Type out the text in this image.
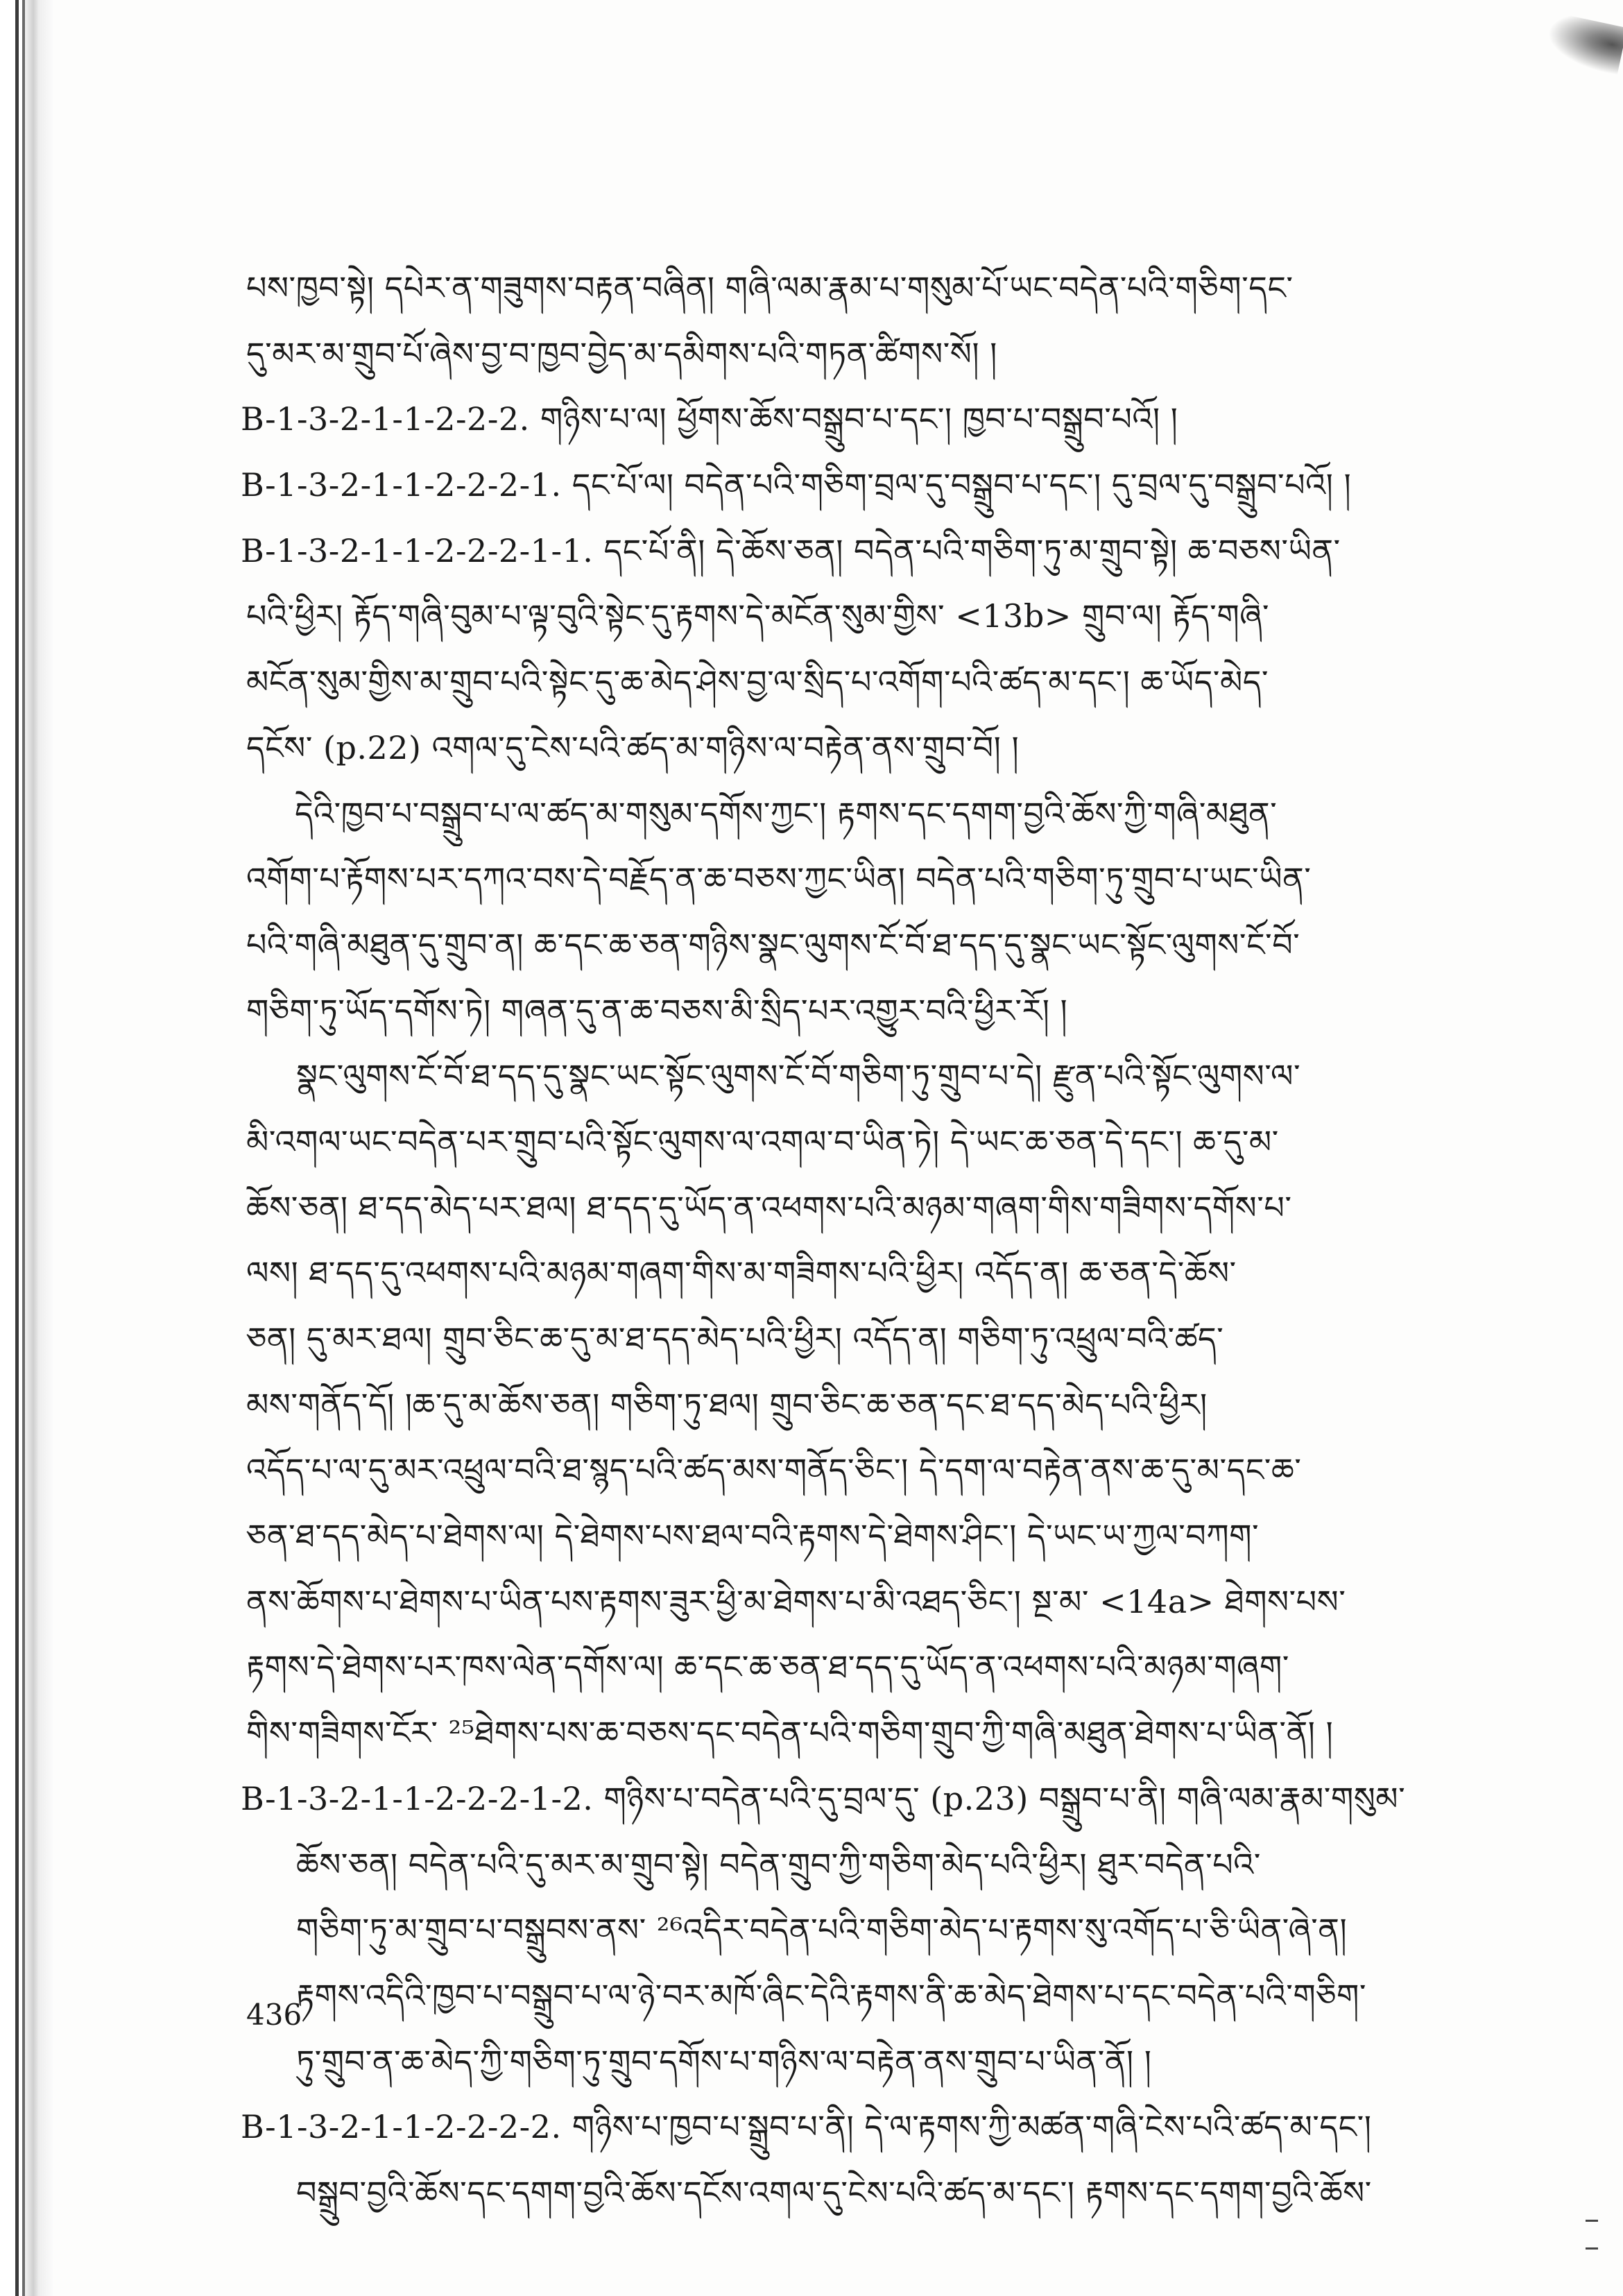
པས་ཁྱབ་སྟེ། དཔེར་ན་གཟུགས་བརྟན་བཞིན། གཞི་ལམ་རྣམ་པ་གསུམ་པོ་ཡང་བདེན་པའི་གཅིག་དང་
དུ་མར་མ་གྲུབ་པོ་ཞེས་བྱ་བ་ཁྱབ་བྱེད་མ་དམིགས་པའི་གཏན་ཚིགས་སོ། །
B-1-3-2-1-1-2-2-2. གཉིས་པ་ལ། ཕྱོགས་ཆོས་བསྒྲུབ་པ་དང་། ཁྱབ་པ་བསྒྲུབ་པའོ། །
B-1-3-2-1-1-2-2-2-1. དང་པོ་ལ། བདེན་པའི་གཅིག་བྲལ་དུ་བསྒྲུབ་པ་དང་། དུ་བྲལ་དུ་བསྒྲུབ་པའོ། །
B-1-3-2-1-1-2-2-2-1-1. དང་པོ་ནི། དེ་ཆོས་ཅན། བདེན་པའི་གཅིག་ཏུ་མ་གྲུབ་སྟེ། ཆ་བཅས་ཡིན་
པའི་ཕྱིར། རྟོད་གཞི་བུམ་པ་ལྟ་བུའི་སྟེང་དུ་རྟགས་དེ་མངོན་སུམ་གྱིས་ <13b> གྲུབ་ལ། རྟོད་གཞི་
མངོན་སུམ་གྱིས་མ་གྲུབ་པའི་སྟེང་དུ་ཆ་མེད་ཤེས་བྱ་ལ་སྲིད་པ་འགོག་པའི་ཚད་མ་དང་། ཆ་ཡོད་མེད་
དངོས་ (p.22) འགལ་དུ་ངེས་པའི་ཚད་མ་གཉིས་ལ་བརྟེན་ནས་གྲུབ་བོ། །
དེའི་ཁྱབ་པ་བསྒྲུབ་པ་ལ་ཚད་མ་གསུམ་དགོས་ཀྱང་། རྟགས་དང་དགག་བྱའི་ཆོས་ཀྱི་གཞི་མཐུན་
འགོག་པ་རྟོགས་པར་དཀའ་བས་དེ་བརྗོད་ན་ཆ་བཅས་ཀྱང་ཡིན། བདེན་པའི་གཅིག་ཏུ་གྲུབ་པ་ཡང་ཡིན་
པའི་གཞི་མཐུན་དུ་གྲུབ་ན། ཆ་དང་ཆ་ཅན་གཉིས་སྣང་ལུགས་ངོ་བོ་ཐ་དད་དུ་སྣང་ཡང་སྟོང་ལུགས་ངོ་བོ་
གཅིག་ཏུ་ཡོད་དགོས་ཏེ། གཞན་དུ་ན་ཆ་བཅས་མི་སྲིད་པར་འགྱུར་བའི་ཕྱིར་རོ། །
སྣང་ལུགས་ངོ་བོ་ཐ་དད་དུ་སྣང་ཡང་སྟོང་ལུགས་ངོ་བོ་གཅིག་ཏུ་གྲུབ་པ་དེ། རྫུན་པའི་སྟོང་ལུགས་ལ་
མི་འགལ་ཡང་བདེན་པར་གྲུབ་པའི་སྟོང་ལུགས་ལ་འགལ་བ་ཡིན་ཏེ། དེ་ཡང་ཆ་ཅན་དེ་དང་། ཆ་དུ་མ་
ཆོས་ཅན། ཐ་དད་མེད་པར་ཐལ། ཐ་དད་དུ་ཡོད་ན་འཕགས་པའི་མཉམ་གཞག་གིས་གཟིགས་དགོས་པ་
ལས། ཐ་དད་དུ་འཕགས་པའི་མཉམ་གཞག་གིས་མ་གཟིགས་པའི་ཕྱིར། འདོད་ན། ཆ་ཅན་དེ་ཆོས་
ཅན། དུ་མར་ཐལ། གྲུབ་ཅིང་ཆ་དུ་མ་ཐ་དད་མེད་པའི་ཕྱིར། འདོད་ན། གཅིག་ཏུ་འཕྲུལ་བའི་ཚད་
མས་གནོད་དོ། །ཆ་དུ་མ་ཆོས་ཅན། གཅིག་ཏུ་ཐལ། གྲུབ་ཅིང་ཆ་ཅན་དང་ཐ་དད་མེད་པའི་ཕྱིར།
འདོད་པ་ལ་དུ་མར་འཕྲུལ་བའི་ཐ་སྙད་པའི་ཚད་མས་གནོད་ཅིང་། དེ་དག་ལ་བརྟེན་ནས་ཆ་དུ་མ་དང་ཆ་
ཅན་ཐ་དད་མེད་པ་ཐེགས་ལ། དེ་ཐེགས་པས་ཐལ་བའི་རྟགས་དེ་ཐེགས་ཤིང་། དེ་ཡང་ཡ་ཀྱལ་བཀག་
ནས་ཆོགས་པ་ཐེགས་པ་ཡིན་པས་རྟགས་ཟུར་ཕྱི་མ་ཐེགས་པ་མི་འཐད་ཅིང་། སྔ་མ་ <14a> ཐེགས་པས་
རྟགས་དེ་ཐེགས་པར་ཁས་ལེན་དགོས་ལ། ཆ་དང་ཆ་ཅན་ཐ་དད་དུ་ཡོད་ན་འཕགས་པའི་མཉམ་གཞག་
གིས་གཟིགས་ངོར་ ²⁵ཐེགས་པས་ཆ་བཅས་དང་བདེན་པའི་གཅིག་གྲུབ་ཀྱི་གཞི་མཐུན་ཐེགས་པ་ཡིན་ནོ། །
B-1-3-2-1-1-2-2-2-1-2. གཉིས་པ་བདེན་པའི་དུ་བྲལ་དུ་ (p.23) བསྒྲུབ་པ་ནི། གཞི་ལམ་རྣམ་གསུམ་
ཆོས་ཅན། བདེན་པའི་དུ་མར་མ་གྲུབ་སྟེ། བདེན་གྲུབ་ཀྱི་གཅིག་མེད་པའི་ཕྱིར། ཐུར་བདེན་པའི་
གཅིག་ཏུ་མ་གྲུབ་པ་བསྒྲུབས་ནས་ ²⁶འདིར་བདེན་པའི་གཅིག་མེད་པ་རྟགས་སུ་འགོད་པ་ཅི་ཡིན་ཞེ་ན།
རྟགས་འདིའི་ཁྱབ་པ་བསྒྲུབ་པ་ལ་ཉེ་བར་མཁོ་ཞིང་དེའི་རྟགས་ནི་ཆ་མེད་ཐེགས་པ་དང་བདེན་པའི་གཅིག་
ཏུ་གྲུབ་ན་ཆ་མེད་ཀྱི་གཅིག་ཏུ་གྲུབ་དགོས་པ་གཉིས་ལ་བརྟེན་ནས་གྲུབ་པ་ཡིན་ནོ། །
B-1-3-2-1-1-2-2-2-2. གཉིས་པ་ཁྱབ་པ་སྒྲུབ་པ་ནི། དེ་ལ་རྟགས་ཀྱི་མཚན་གཞི་ངེས་པའི་ཚད་མ་དང་།
བསྒྲུབ་བྱའི་ཆོས་དང་དགག་བྱའི་ཆོས་དངོས་འགལ་དུ་ངེས་པའི་ཚད་མ་དང་། རྟགས་དང་དགག་བྱའི་ཆོས་
436
